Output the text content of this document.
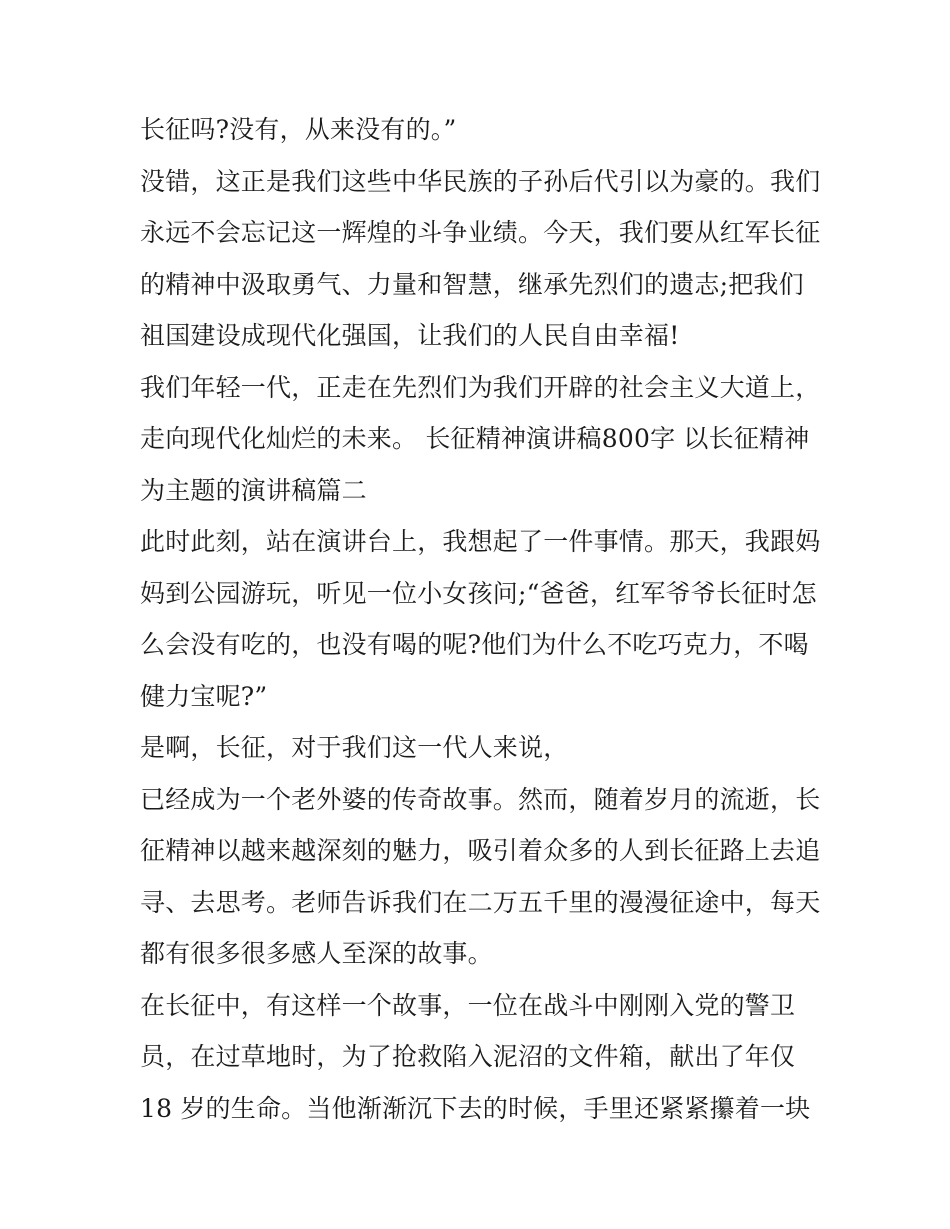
长征吗?没有，从来没有的。”
没错，这正是我们这些中华民族的子孙后代引以为豪的。我们
永远不会忘记这一辉煌的斗争业绩。今天，我们要从红军长征
的精神中汲取勇气、力量和智慧，继承先烈们的遗志;把我们
祖国建设成现代化强国，让我们的人民自由幸福!
我们年轻一代，正走在先烈们为我们开辟的社会主义大道上，
走向现代化灿烂的未来。 长征精神演讲稿800字 以长征精神
为主题的演讲稿篇二
此时此刻，站在演讲台上，我想起了一件事情。那天，我跟妈
妈到公园游玩，听见一位小女孩问;“爸爸，红军爷爷长征时怎
么会没有吃的，也没有喝的呢?他们为什么不吃巧克力，不喝
健力宝呢?”
是啊，长征，对于我们这一代人来说，
已经成为一个老外婆的传奇故事。然而，随着岁月的流逝，长
征精神以越来越深刻的魅力，吸引着众多的人到长征路上去追
寻、去思考。老师告诉我们在二万五千里的漫漫征途中，每天
都有很多很多感人至深的故事。
在长征中，有这样一个故事，一位在战斗中刚刚入党的警卫
员，在过草地时，为了抢救陷入泥沼的文件箱，献出了年仅
18 岁的生命。当他渐渐沉下去的时候，手里还紧紧攥着一块
